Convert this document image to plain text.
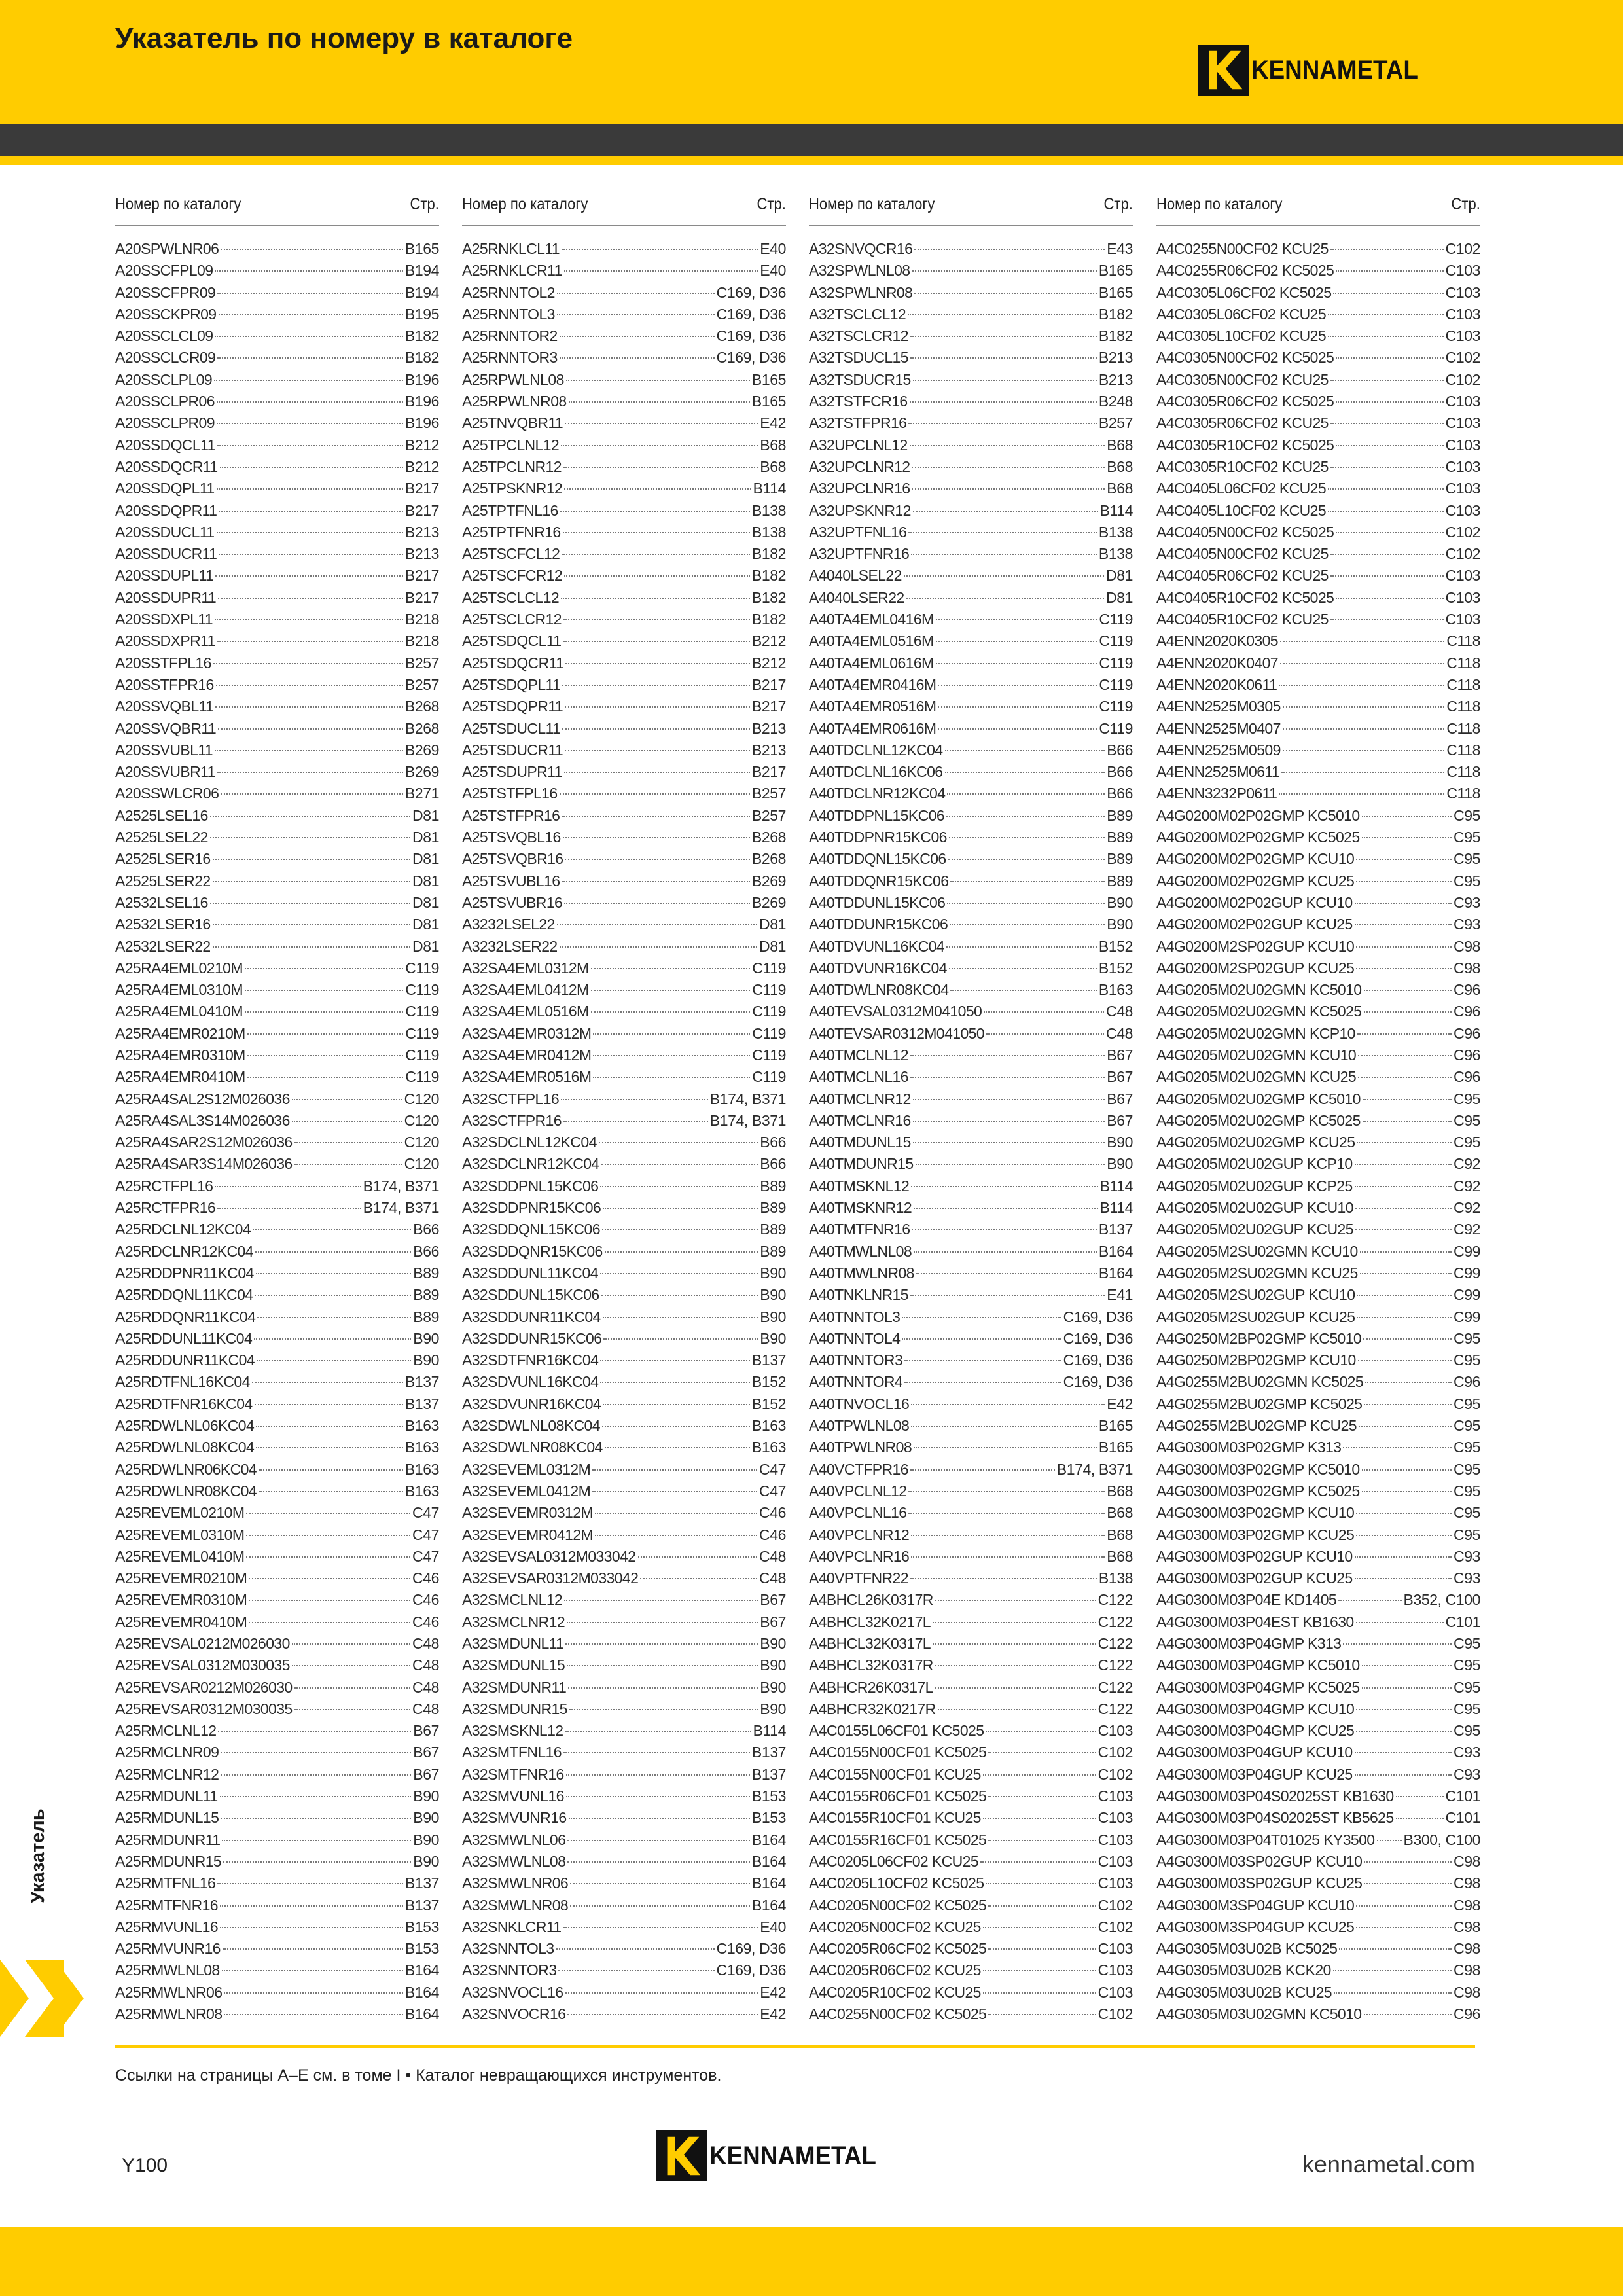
Указатель по номеру в каталоге
KENNAMETAL
Указатель
Номер по каталогу	Стр.
A20SPWLNR06	B165
A20SSCFPL09	B194
A20SSCFPR09	B194
A20SSCKPR09	B195
A20SSCLCL09	B182
A20SSCLCR09	B182
A20SSCLPL09	B196
A20SSCLPR06	B196
A20SSCLPR09	B196
A20SSDQCL11	B212
A20SSDQCR11	B212
A20SSDQPL11	B217
A20SSDQPR11	B217
A20SSDUCL11	B213
A20SSDUCR11	B213
A20SSDUPL11	B217
A20SSDUPR11	B217
A20SSDXPL11	B218
A20SSDXPR11	B218
A20SSTFPL16	B257
A20SSTFPR16	B257
A20SSVQBL11	B268
A20SSVQBR11	B268
A20SSVUBL11	B269
A20SSVUBR11	B269
A20SSWLCR06	B271
A2525LSEL16	D81
A2525LSEL22	D81
A2525LSER16	D81
A2525LSER22	D81
A2532LSEL16	D81
A2532LSER16	D81
A2532LSER22	D81
A25RA4EML0210M	C119
A25RA4EML0310M	C119
A25RA4EML0410M	C119
A25RA4EMR0210M	C119
A25RA4EMR0310M	C119
A25RA4EMR0410M	C119
A25RA4SAL2S12M026036	C120
A25RA4SAL3S14M026036	C120
A25RA4SAR2S12M026036	C120
A25RA4SAR3S14M026036	C120
A25RCTFPL16	B174, B371
A25RCTFPR16	B174, B371
A25RDCLNL12KC04	B66
A25RDCLNR12KC04	B66
A25RDDPNR11KC04	B89
A25RDDQNL11KC04	B89
A25RDDQNR11KC04	B89
A25RDDUNL11KC04	B90
A25RDDUNR11KC04	B90
A25RDTFNL16KC04	B137
A25RDTFNR16KC04	B137
A25RDWLNL06KC04	B163
A25RDWLNL08KC04	B163
A25RDWLNR06KC04	B163
A25RDWLNR08KC04	B163
A25REVEML0210M	C47
A25REVEML0310M	C47
A25REVEML0410M	C47
A25REVEMR0210M	C46
A25REVEMR0310M	C46
A25REVEMR0410M	C46
A25REVSAL0212M026030	C48
A25REVSAL0312M030035	C48
A25REVSAR0212M026030	C48
A25REVSAR0312M030035	C48
A25RMCLNL12	B67
A25RMCLNR09	B67
A25RMCLNR12	B67
A25RMDUNL11	B90
A25RMDUNL15	B90
A25RMDUNR11	B90
A25RMDUNR15	B90
A25RMTFNL16	B137
A25RMTFNR16	B137
A25RMVUNL16	B153
A25RMVUNR16	B153
A25RMWLNL08	B164
A25RMWLNR06	B164
A25RMWLNR08	B164
Номер по каталогу	Стр.
A25RNKLCL11	E40
A25RNKLCR11	E40
A25RNNTOL2	C169, D36
A25RNNTOL3	C169, D36
A25RNNTOR2	C169, D36
A25RNNTOR3	C169, D36
A25RPWLNL08	B165
A25RPWLNR08	B165
A25TNVQBR11	E42
A25TPCLNL12	B68
A25TPCLNR12	B68
A25TPSKNR12	B114
A25TPTFNL16	B138
A25TPTFNR16	B138
A25TSCFCL12	B182
A25TSCFCR12	B182
A25TSCLCL12	B182
A25TSCLCR12	B182
A25TSDQCL11	B212
A25TSDQCR11	B212
A25TSDQPL11	B217
A25TSDQPR11	B217
A25TSDUCL11	B213
A25TSDUCR11	B213
A25TSDUPR11	B217
A25TSTFPL16	B257
A25TSTFPR16	B257
A25TSVQBL16	B268
A25TSVQBR16	B268
A25TSVUBL16	B269
A25TSVUBR16	B269
A3232LSEL22	D81
A3232LSER22	D81
A32SA4EML0312M	C119
A32SA4EML0412M	C119
A32SA4EML0516M	C119
A32SA4EMR0312M	C119
A32SA4EMR0412M	C119
A32SA4EMR0516M	C119
A32SCTFPL16	B174, B371
A32SCTFPR16	B174, B371
A32SDCLNL12KC04	B66
A32SDCLNR12KC04	B66
A32SDDPNL15KC06	B89
A32SDDPNR15KC06	B89
A32SDDQNL15KC06	B89
A32SDDQNR15KC06	B89
A32SDDUNL11KC04	B90
A32SDDUNL15KC06	B90
A32SDDUNR11KC04	B90
A32SDDUNR15KC06	B90
A32SDTFNR16KC04	B137
A32SDVUNL16KC04	B152
A32SDVUNR16KC04	B152
A32SDWLNL08KC04	B163
A32SDWLNR08KC04	B163
A32SEVEML0312M	C47
A32SEVEML0412M	C47
A32SEVEMR0312M	C46
A32SEVEMR0412M	C46
A32SEVSAL0312M033042	C48
A32SEVSAR0312M033042	C48
A32SMCLNL12	B67
A32SMCLNR12	B67
A32SMDUNL11	B90
A32SMDUNL15	B90
A32SMDUNR11	B90
A32SMDUNR15	B90
A32SMSKNL12	B114
A32SMTFNL16	B137
A32SMTFNR16	B137
A32SMVUNL16	B153
A32SMVUNR16	B153
A32SMWLNL06	B164
A32SMWLNL08	B164
A32SMWLNR06	B164
A32SMWLNR08	B164
A32SNKLCR11	E40
A32SNNTOL3	C169, D36
A32SNNTOR3	C169, D36
A32SNVOCL16	E42
A32SNVOCR16	E42
Номер по каталогу	Стр.
A32SNVQCR16	E43
A32SPWLNL08	B165
A32SPWLNR08	B165
A32TSCLCL12	B182
A32TSCLCR12	B182
A32TSDUCL15	B213
A32TSDUCR15	B213
A32TSTFCR16	B248
A32TSTFPR16	B257
A32UPCLNL12	B68
A32UPCLNR12	B68
A32UPCLNR16	B68
A32UPSKNR12	B114
A32UPTFNL16	B138
A32UPTFNR16	B138
A4040LSEL22	D81
A4040LSER22	D81
A40TA4EML0416M	C119
A40TA4EML0516M	C119
A40TA4EML0616M	C119
A40TA4EMR0416M	C119
A40TA4EMR0516M	C119
A40TA4EMR0616M	C119
A40TDCLNL12KC04	B66
A40TDCLNL16KC06	B66
A40TDCLNR12KC04	B66
A40TDDPNL15KC06	B89
A40TDDPNR15KC06	B89
A40TDDQNL15KC06	B89
A40TDDQNR15KC06	B89
A40TDDUNL15KC06	B90
A40TDDUNR15KC06	B90
A40TDVUNL16KC04	B152
A40TDVUNR16KC04	B152
A40TDWLNR08KC04	B163
A40TEVSAL0312M041050	C48
A40TEVSAR0312M041050	C48
A40TMCLNL12	B67
A40TMCLNL16	B67
A40TMCLNR12	B67
A40TMCLNR16	B67
A40TMDUNL15	B90
A40TMDUNR15	B90
A40TMSKNL12	B114
A40TMSKNR12	B114
A40TMTFNR16	B137
A40TMWLNL08	B164
A40TMWLNR08	B164
A40TNKLNR15	E41
A40TNNTOL3	C169, D36
A40TNNTOL4	C169, D36
A40TNNTOR3	C169, D36
A40TNNTOR4	C169, D36
A40TNVOCL16	E42
A40TPWLNL08	B165
A40TPWLNR08	B165
A40VCTFPR16	B174, B371
A40VPCLNL12	B68
A40VPCLNL16	B68
A40VPCLNR12	B68
A40VPCLNR16	B68
A40VPTFNR22	B138
A4BHCL26K0317R	C122
A4BHCL32K0217L	C122
A4BHCL32K0317L	C122
A4BHCL32K0317R	C122
A4BHCR26K0317L	C122
A4BHCR32K0217R	C122
A4C0155L06CF01 KC5025	C103
A4C0155N00CF01 KC5025	C102
A4C0155N00CF01 KCU25	C102
A4C0155R06CF01 KC5025	C103
A4C0155R10CF01 KCU25	C103
A4C0155R16CF01 KC5025	C103
A4C0205L06CF02 KCU25	C103
A4C0205L10CF02 KC5025	C103
A4C0205N00CF02 KC5025	C102
A4C0205N00CF02 KCU25	C102
A4C0205R06CF02 KC5025	C103
A4C0205R06CF02 KCU25	C103
A4C0205R10CF02 KCU25	C103
A4C0255N00CF02 KC5025	C102
Номер по каталогу	Стр.
A4C0255N00CF02 KCU25	C102
A4C0255R06CF02 KC5025	C103
A4C0305L06CF02 KC5025	C103
A4C0305L06CF02 KCU25	C103
A4C0305L10CF02 KCU25	C103
A4C0305N00CF02 KC5025	C102
A4C0305N00CF02 KCU25	C102
A4C0305R06CF02 KC5025	C103
A4C0305R06CF02 KCU25	C103
A4C0305R10CF02 KC5025	C103
A4C0305R10CF02 KCU25	C103
A4C0405L06CF02 KCU25	C103
A4C0405L10CF02 KCU25	C103
A4C0405N00CF02 KC5025	C102
A4C0405N00CF02 KCU25	C102
A4C0405R06CF02 KCU25	C103
A4C0405R10CF02 KC5025	C103
A4C0405R10CF02 KCU25	C103
A4ENN2020K0305	C118
A4ENN2020K0407	C118
A4ENN2020K0611	C118
A4ENN2525M0305	C118
A4ENN2525M0407	C118
A4ENN2525M0509	C118
A4ENN2525M0611	C118
A4ENN3232P0611	C118
A4G0200M02P02GMP KC5010	C95
A4G0200M02P02GMP KC5025	C95
A4G0200M02P02GMP KCU10	C95
A4G0200M02P02GMP KCU25	C95
A4G0200M02P02GUP KCU10	C93
A4G0200M02P02GUP KCU25	C93
A4G0200M2SP02GUP KCU10	C98
A4G0200M2SP02GUP KCU25	C98
A4G0205M02U02GMN KC5010	C96
A4G0205M02U02GMN KC5025	C96
A4G0205M02U02GMN KCP10	C96
A4G0205M02U02GMN KCU10	C96
A4G0205M02U02GMN KCU25	C96
A4G0205M02U02GMP KC5010	C95
A4G0205M02U02GMP KC5025	C95
A4G0205M02U02GMP KCU25	C95
A4G0205M02U02GUP KCP10	C92
A4G0205M02U02GUP KCP25	C92
A4G0205M02U02GUP KCU10	C92
A4G0205M02U02GUP KCU25	C92
A4G0205M2SU02GMN KCU10	C99
A4G0205M2SU02GMN KCU25	C99
A4G0205M2SU02GUP KCU10	C99
A4G0205M2SU02GUP KCU25	C99
A4G0250M2BP02GMP KC5010	C95
A4G0250M2BP02GMP KCU10	C95
A4G0255M2BU02GMN KC5025	C96
A4G0255M2BU02GMP KC5025	C95
A4G0255M2BU02GMP KCU25	C95
A4G0300M03P02GMP K313	C95
A4G0300M03P02GMP KC5010	C95
A4G0300M03P02GMP KC5025	C95
A4G0300M03P02GMP KCU10	C95
A4G0300M03P02GMP KCU25	C95
A4G0300M03P02GUP KCU10	C93
A4G0300M03P02GUP KCU25	C93
A4G0300M03P04E KD1405	B352, C100
A4G0300M03P04EST KB1630	C101
A4G0300M03P04GMP K313	C95
A4G0300M03P04GMP KC5010	C95
A4G0300M03P04GMP KC5025	C95
A4G0300M03P04GMP KCU10	C95
A4G0300M03P04GMP KCU25	C95
A4G0300M03P04GUP KCU10	C93
A4G0300M03P04GUP KCU25	C93
A4G0300M03P04S02025ST KB1630	C101
A4G0300M03P04S02025ST KB5625	C101
A4G0300M03P04T01025 KY3500 B300, C100
A4G0300M03SP02GUP KCU10	C98
A4G0300M03SP02GUP KCU25	C98
A4G0300M3SP04GUP KCU10	C98
A4G0300M3SP04GUP KCU25	C98
A4G0305M03U02B KC5025	C98
A4G0305M03U02B KCK20	C98
A4G0305M03U02B KCU25	C98
A4G0305M03U02GMN KC5010	C96
Ссылки на страницы A–E см. в томе I • Каталог невращающихся инструментов.
Y100	KENNAMETAL	kennametal.com
